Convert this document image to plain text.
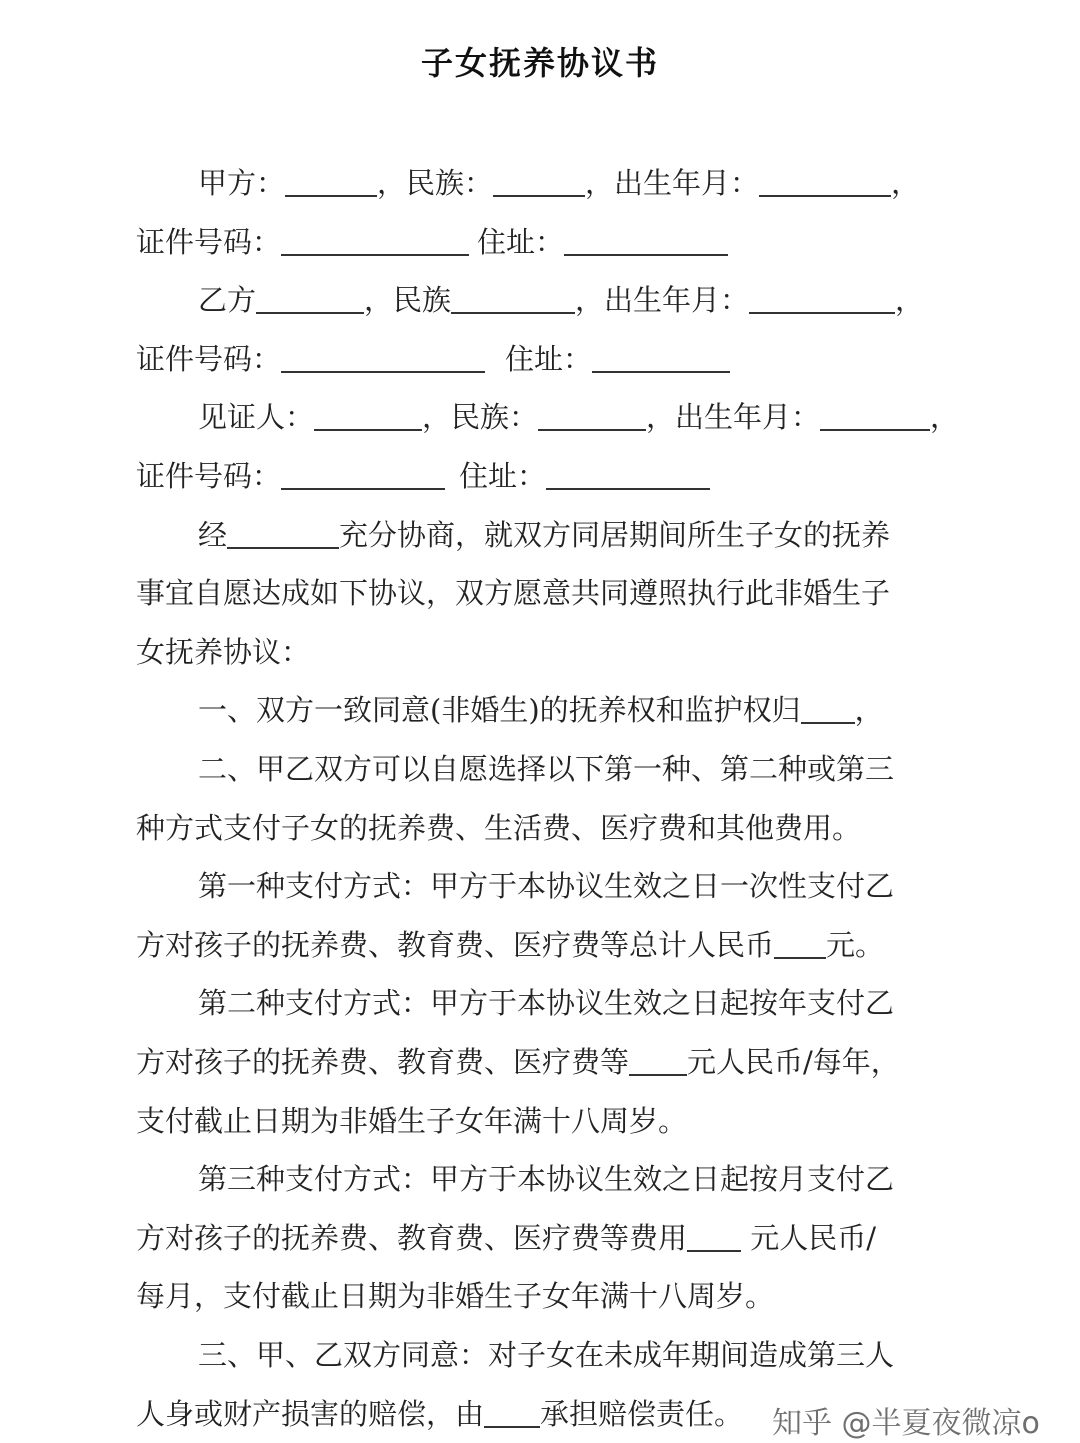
子女抚养协议书
甲方：	，民族：	，出生年月：	，
证件号码：	住址：
乙方	，民族	，出生年月：	，
证件号码：	住址：
见证人：	，民族：	，出生年月：	，
证件号码：	住址：
经	充分协商，就双方同居期间所生子女的抚养
事宜自愿达成如下协议，双方愿意共同遵照执行此非婚生子
女抚养协议：
一、双方一致同意(非婚生)的抚养权和监护权归 ，
二、甲乙双方可以自愿选择以下第一种、第二种或第三
种方式支付子女的抚养费、生活费、医疗费和其他费用。
第一种支付方式：甲方于本协议生效之日一次性支付乙
方对孩子的抚养费、教育费、医疗费等总计人民币 元。
第二种支付方式：甲方于本协议生效之日起按年支付乙
方对孩子的抚养费、教育费、医疗费等 元人民币/每年，
支付截止日期为非婚生子女年满十八周岁。
第三种支付方式：甲方于本协议生效之日起按月支付乙
方对孩子的抚养费、教育费、医疗费等费用 元人民币/
每月，支付截止日期为非婚生子女年满十八周岁。
三、甲、乙双方同意：对子女在未成年期间造成第三人
知乎 @半夏夜微凉o
人身或财产损害的赔偿，由 承担赔偿责任。
